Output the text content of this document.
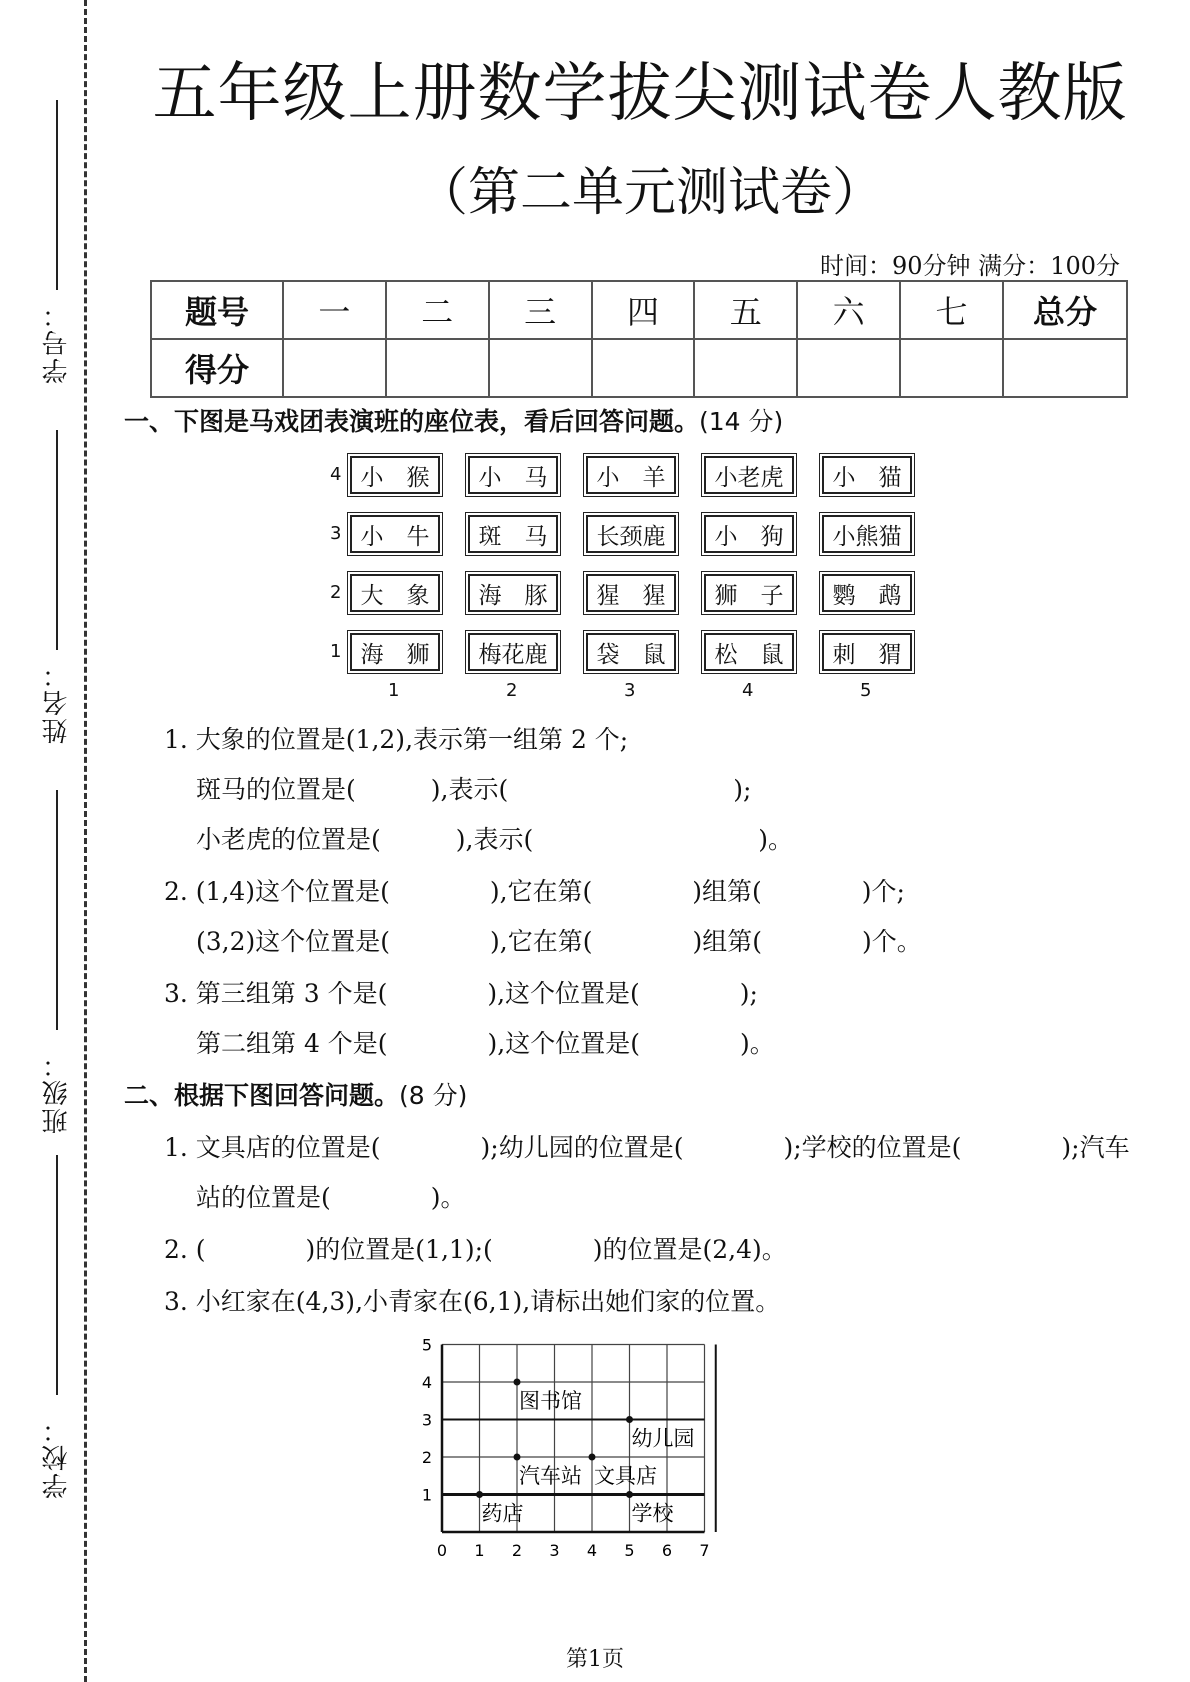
学号：
姓名：
班级：
学校：
五年级上册数学拔尖测试卷人教版
（第二单元测试卷）
时间：90分钟 满分：100分
题号	一	二	三	四	五	六	七	总分
得分								
一、下图是马戏团表演班的座位表，看后回答问题。(14 分)
4 小　猴	小　马	小　羊	小老虎	小　猫
3 小　牛	斑　马	长颈鹿	小　狗	小熊猫
2 大　象	海　豚	猩　猩	狮　子	鹦　鹉
1 海　狮	梅花鹿	袋　鼠	松　鼠	刺　猬
1	2	3	4	5
1. 大象的位置是(1,2),表示第一组第 2 个;
斑马的位置是(　　　),表示(　　　　　　　　　);
小老虎的位置是(　　　),表示(　　　　　　　　　)。
2. (1,4)这个位置是(　　　　),它在第(　　　　)组第(　　　　)个;
(3,2)这个位置是(　　　　),它在第(　　　　)组第(　　　　)个。
3. 第三组第 3 个是(　　　　),这个位置是(　　　　);
第二组第 4 个是(　　　　),这个位置是(　　　　)。
二、根据下图回答问题。(8 分)
1. 文具店的位置是(　　　　);幼儿园的位置是(　　　　);学校的位置是(　　　　);汽车
站的位置是(　　　　)。
2. (　　　　)的位置是(1,1);(　　　　)的位置是(2,4)。
3. 小红家在(4,3),小青家在(6,1),请标出她们家的位置。
0 1 2 3 4 5 6 7
1
2
3
4
5
图书馆
幼儿园
汽车站 文具店
药店	学校
第1页
